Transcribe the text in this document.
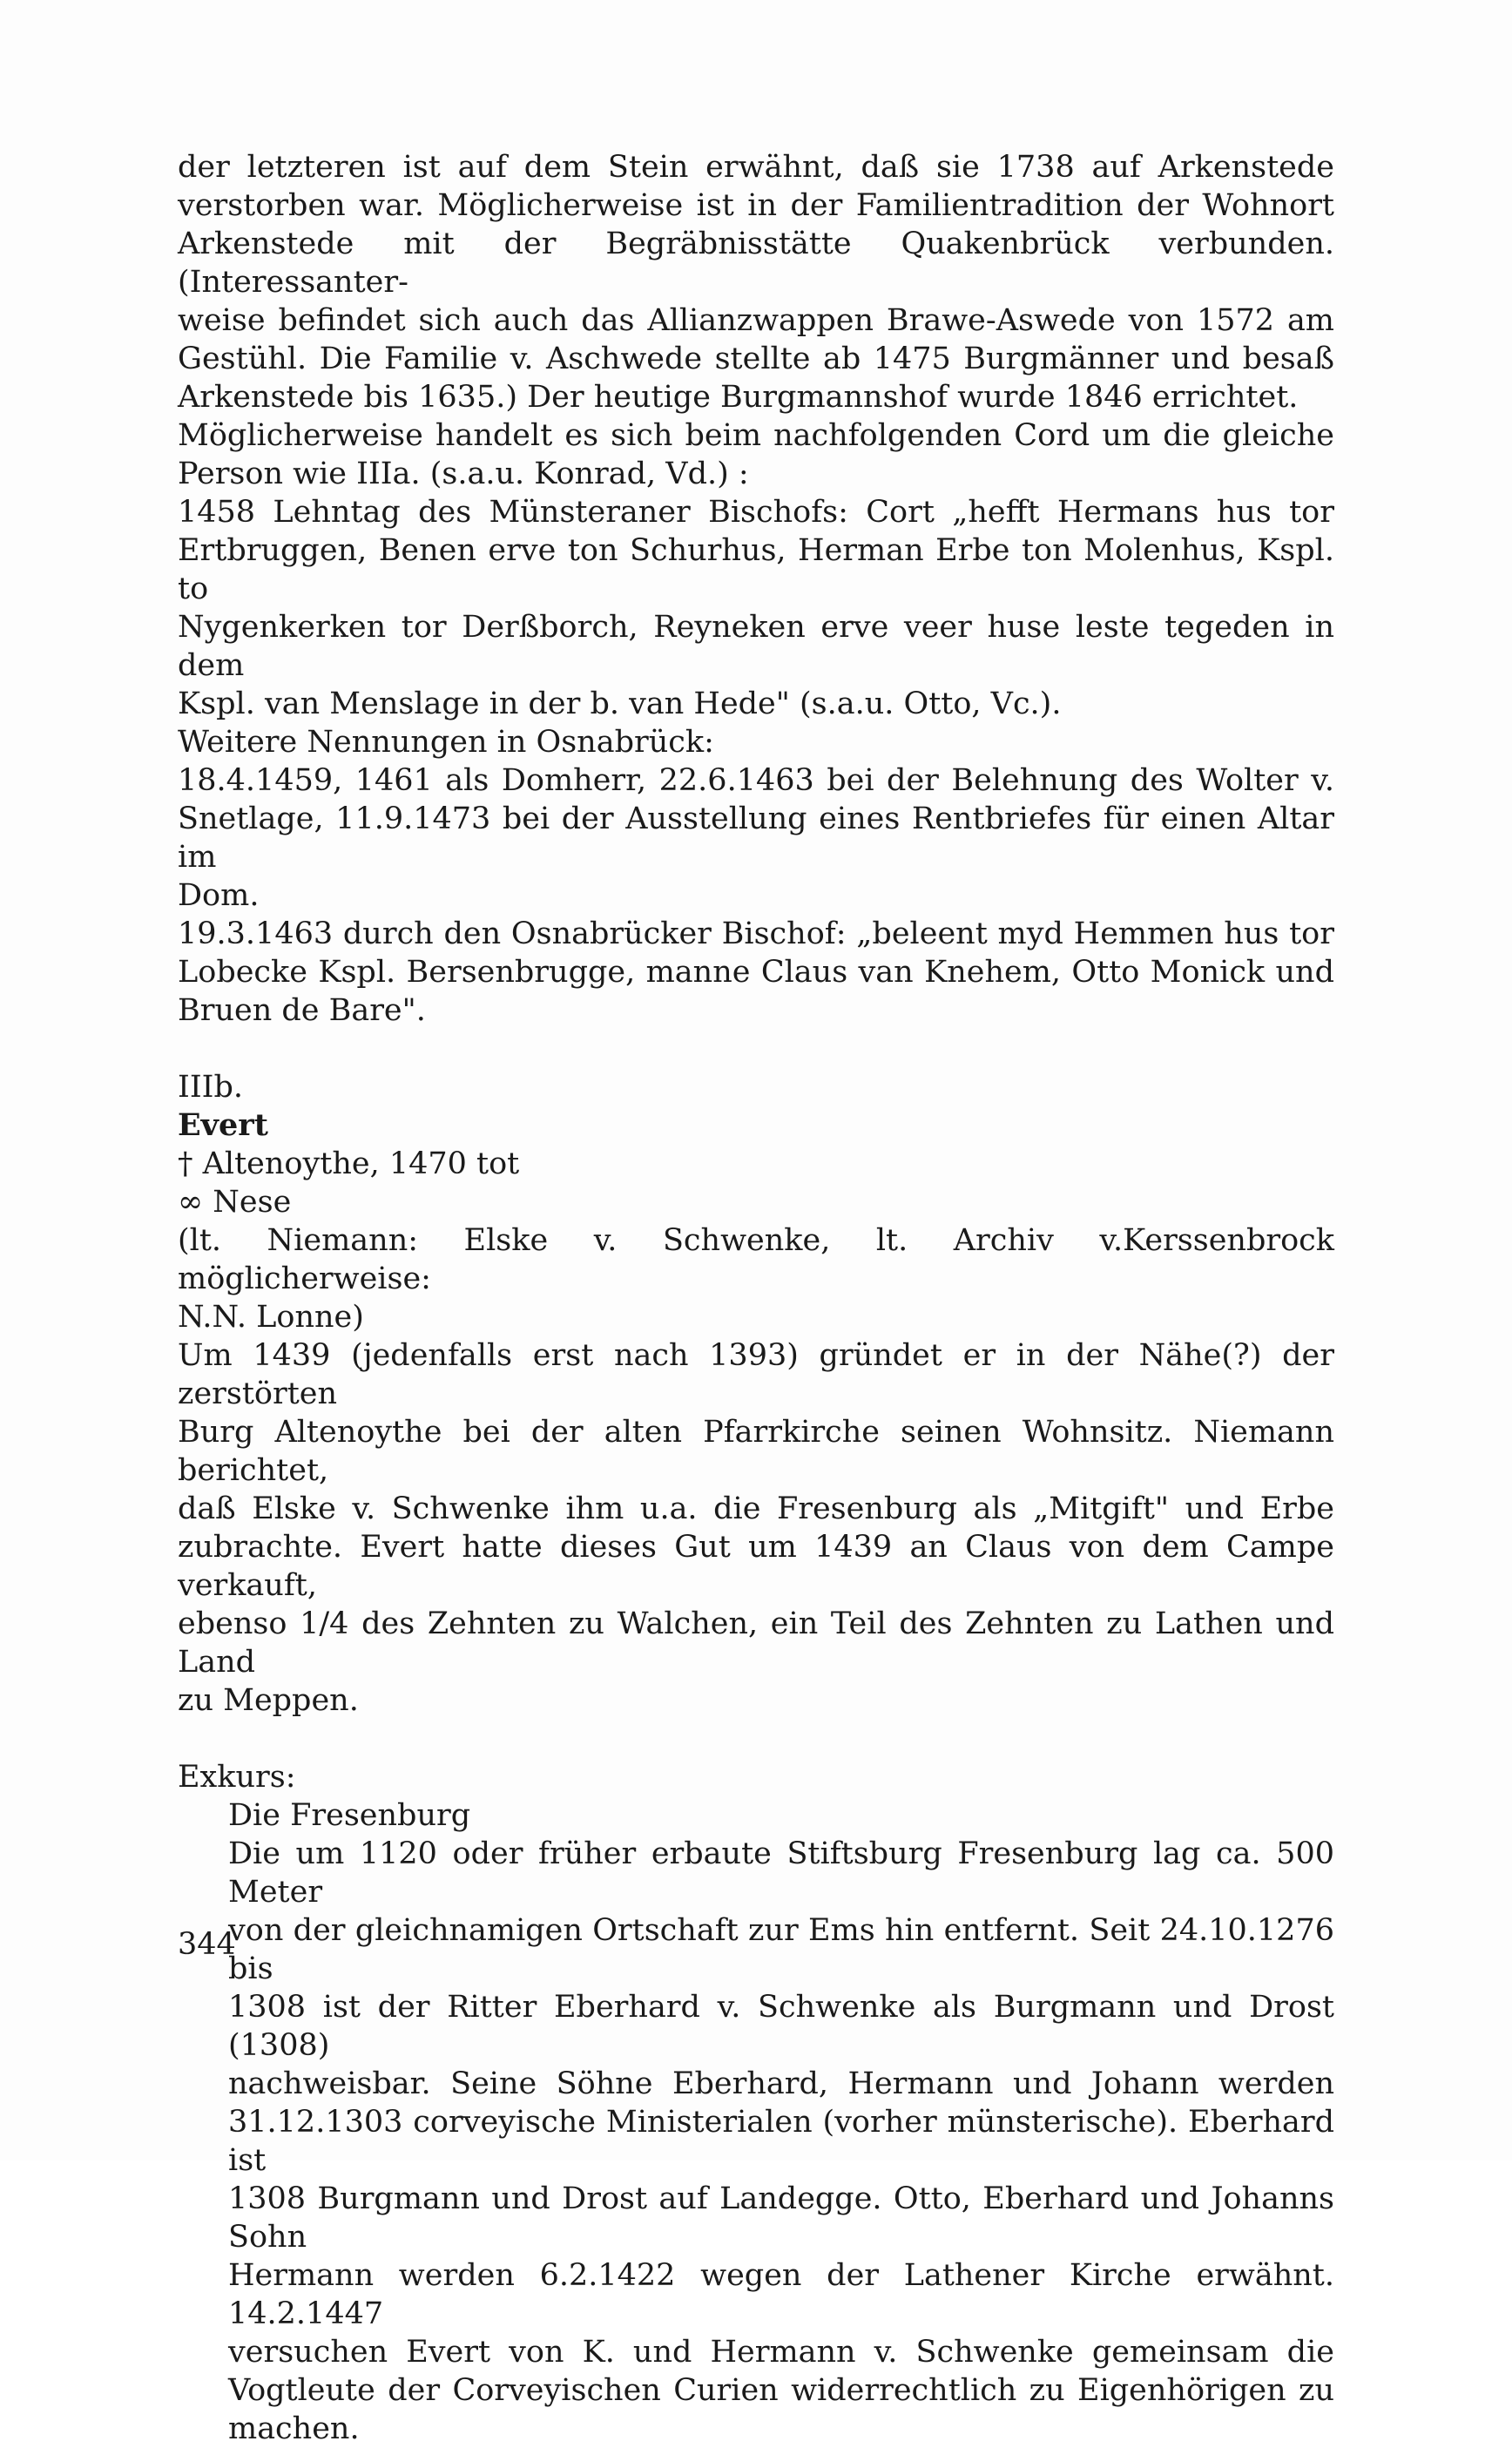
der letzteren ist auf dem Stein erwähnt, daß sie 1738 auf Arkenstede
verstorben war. Möglicherweise ist in der Familientradition der Wohnort
Arkenstede mit der Begräbnisstätte Quakenbrück verbunden. (Interessanter-
weise befindet sich auch das Allianzwappen Brawe-Aswede von 1572 am
Gestühl. Die Familie v. Aschwede stellte ab 1475 Burgmänner und besaß
Arkenstede bis 1635.) Der heutige Burgmannshof wurde 1846 errichtet.
Möglicherweise handelt es sich beim nachfolgenden Cord um die gleiche
Person wie IIIa. (s.a.u. Konrad, Vd.) :
1458 Lehntag des Münsteraner Bischofs: Cort „hefft Hermans hus tor
Ertbruggen, Benen erve ton Schurhus, Herman Erbe ton Molenhus, Kspl. to
Nygenkerken tor Derßborch, Reyneken erve veer huse leste tegeden in dem
Kspl. van Menslage in der b. van Hede" (s.a.u. Otto, Vc.).
Weitere Nennungen in Osnabrück:
18.4.1459, 1461 als Domherr, 22.6.1463 bei der Belehnung des Wolter v.
Snetlage, 11.9.1473 bei der Ausstellung eines Rentbriefes für einen Altar im
Dom.
19.3.1463 durch den Osnabrücker Bischof: „beleent myd Hemmen hus tor
Lobecke Kspl. Bersenbrugge, manne Claus van Knehem, Otto Monick und
Bruen de Bare".
IIIb.
Evert
† Altenoythe, 1470 tot
∞ Nese
(lt. Niemann: Elske v. Schwenke, lt. Archiv v.Kerssenbrock möglicherweise:
N.N. Lonne)
Um 1439 (jedenfalls erst nach 1393) gründet er in der Nähe(?) der zerstörten
Burg Altenoythe bei der alten Pfarrkirche seinen Wohnsitz. Niemann berichtet,
daß Elske v. Schwenke ihm u.a. die Fresenburg als „Mitgift" und Erbe
zubrachte. Evert hatte dieses Gut um 1439 an Claus von dem Campe verkauft,
ebenso 1/4 des Zehnten zu Walchen, ein Teil des Zehnten zu Lathen und Land
zu Meppen.
Exkurs:
Die Fresenburg
Die um 1120 oder früher erbaute Stiftsburg Fresenburg lag ca. 500 Meter
von der gleichnamigen Ortschaft zur Ems hin entfernt. Seit 24.10.1276 bis
1308 ist der Ritter Eberhard v. Schwenke als Burgmann und Drost (1308)
nachweisbar. Seine Söhne Eberhard, Hermann und Johann werden
31.12.1303 corveyische Ministerialen (vorher münsterische). Eberhard ist
1308 Burgmann und Drost auf Landegge. Otto, Eberhard und Johanns Sohn
Hermann werden 6.2.1422 wegen der Lathener Kirche erwähnt. 14.2.1447
versuchen Evert von K. und Hermann v. Schwenke gemeinsam die
Vogtleute der Corveyischen Curien widerrechtlich zu Eigenhörigen zu
machen.
344
